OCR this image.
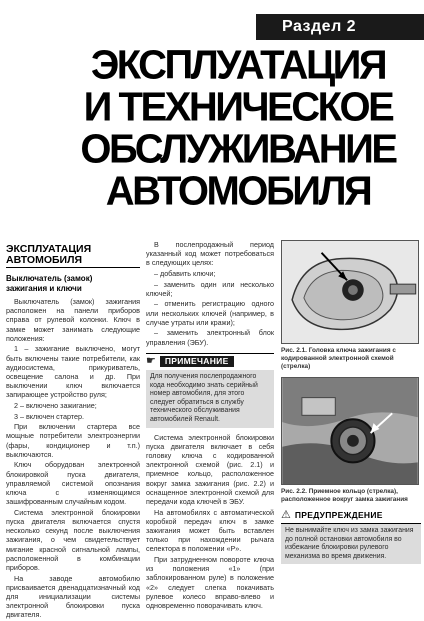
Раздел 2
ЭКСПЛУАТАЦИЯ
И ТЕХНИЧЕСКОЕ
ОБСЛУЖИВАНИЕ
АВТОМОБИЛЯ
ЭКСПЛУАТАЦИЯ
АВТОМОБИЛЯ
Выключатель (замок)
зажигания и ключи

Выключатель (замок) зажигания расположен на панели приборов справа от рулевой колонки. Ключ в замке может занимать следующие положения:

1 – зажигание выключено, могут быть включены такие потребители, как аудиосистема, прикуриватель, освещение салона и др. При выключении ключ включается запирающее устройство руля;

2 – включено зажигание;

3 – включен стартер.

При включении стартера все мощные потребители электроэнергии (фары, кондиционер и т.п.) выключаются.

Ключ оборудован электронной блокировкой пуска двигателя, управляемой системой опознания ключа с изменяющимся зашифрованным случайным кодом.

Система электронной блокировки пуска двигателя включается спустя несколько секунд после выключения зажигания, о чем свидетельствует мигание красной сигнальной лампы, расположенной в комбинации приборов.

На заводе автомобилю присваивается двенадцатизначный код для инициализации системы электронной блокировки пуска двигателя.

В послепродажный период указанный код может потребоваться в следующих целях:

– добавить ключи;

– заменить один или несколько ключей;

– отменить регистрацию одного или нескольких ключей (например, в случае утраты или кражи);

– заменить электронный блок управления (ЭБУ).

☛	ПРИМЕЧАНИЕ
Для получения послепродажного кода необходимо знать серийный номер автомобиля, для этого следует обратиться в службу технического обслуживания автомобилей Renault.

Система электронной блокировки пуска двигателя включает в себя головку ключа с кодированной электронной схемой (рис. 2.1) и приемное кольцо, расположенное вокруг замка зажигания (рис. 2.2) и оснащенное электронной схемой для передачи кода ключей в ЭБУ.

На автомобилях с автоматической коробкой передач ключ в замке зажигания может быть вставлен только при нахождении рычага селектора в положении «P».

При затрудненном повороте ключа из положения «1» (при заблокированном руле) в положение «2» следует слегка покачивать рулевое колесо вправо-влево и одновременно поворачивать ключ.

Рис. 2.1. Головка ключа зажигания с кодированной электронной схемой (стрелка)
Рис. 2.2. Приемное кольцо (стрелка), расположенное вокруг замка зажигания
⚠ ПРЕДУПРЕЖДЕНИЕ
Не вынимайте ключ из замка зажигания до полной остановки автомобиля во избежание блокировки рулевого механизма во время движения.
